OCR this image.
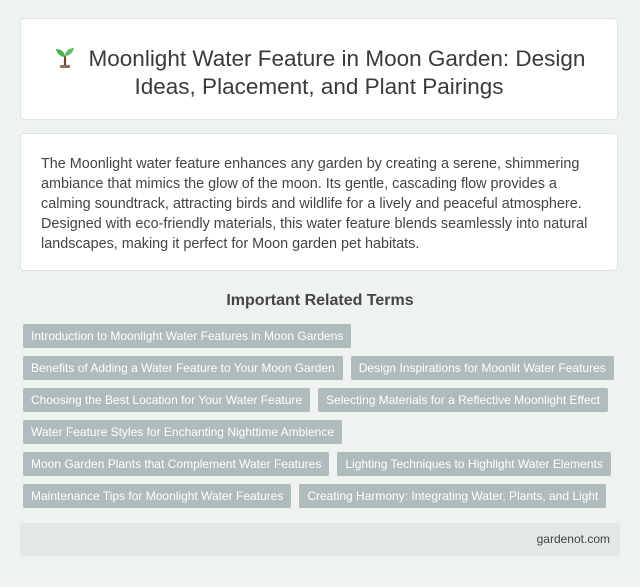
Moonlight Water Feature in Moon Garden: Design Ideas, Placement, and Plant Pairings

The Moonlight water feature enhances any garden by creating a serene, shimmering ambiance that mimics the glow of the moon. Its gentle, cascading flow provides a calming soundtrack, attracting birds and wildlife for a lively and peaceful atmosphere. Designed with eco-friendly materials, this water feature blends seamlessly into natural landscapes, making it perfect for Moon garden pet habitats.

Important Related Terms
Introduction to Moonlight Water Features in Moon Gardens
Benefits of Adding a Water Feature to Your Moon Garden	Design Inspirations for Moonlit Water Features
Choosing the Best Location for Your Water Feature	Selecting Materials for a Reflective Moonlight Effect
Water Feature Styles for Enchanting Nighttime Ambience
Moon Garden Plants that Complement Water Features	Lighting Techniques to Highlight Water Elements
Maintenance Tips for Moonlight Water Features	Creating Harmony: Integrating Water, Plants, and Light
gardenot.com
